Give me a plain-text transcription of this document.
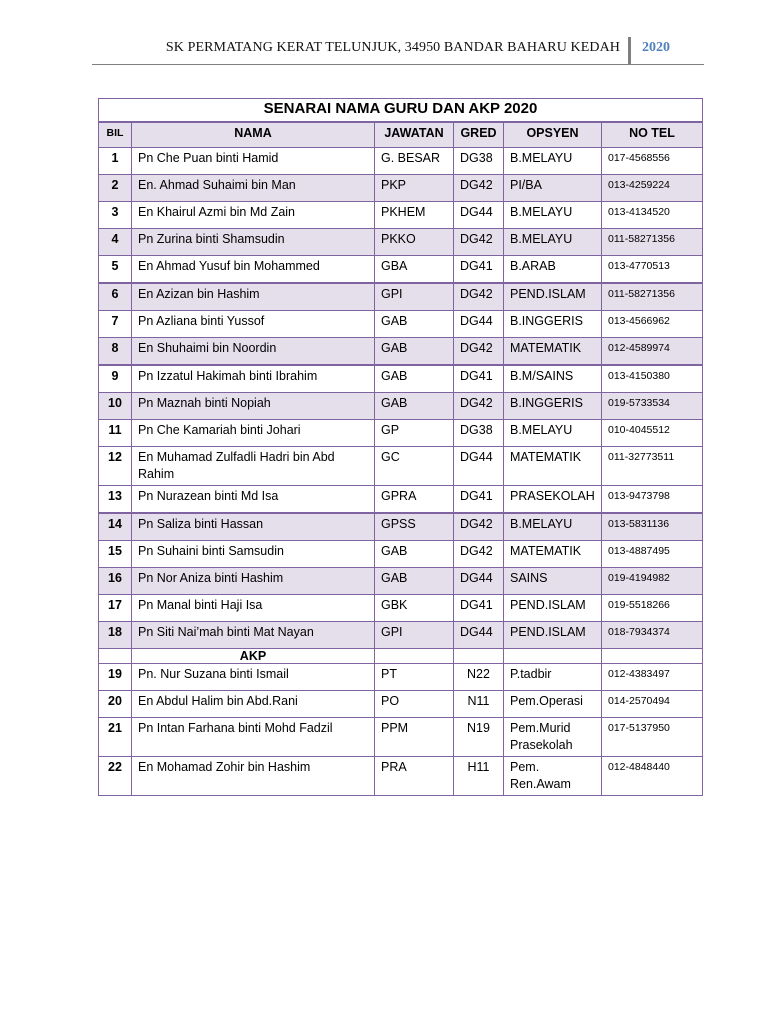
SK PERMATANG KERAT TELUNJUK, 34950 BANDAR BAHARU KEDAH 2020
SENARAI NAMA GURU DAN AKP 2020					
BIL	NAMA	JAWATAN	GRED	OPSYEN	NO TEL
1	Pn Che Puan binti Hamid	G. BESAR	DG38	B.MELAYU	017-4568556
2	En. Ahmad Suhaimi bin Man	PKP	DG42	PI/BA	013-4259224
3	En Khairul Azmi bin Md Zain	PKHEM	DG44	B.MELAYU	013-4134520
4	Pn Zurina binti Shamsudin	PKKO	DG42	B.MELAYU	011-58271356
5	En Ahmad Yusuf bin Mohammed	GBA	DG41	B.ARAB	013-4770513
6	En Azizan bin Hashim	GPI	DG42	PEND.ISLAM	011-58271356
7	Pn Azliana binti Yussof	GAB	DG44	B.INGGERIS	013-4566962
8	En Shuhaimi bin Noordin	GAB	DG42	MATEMATIK	012-4589974
9	Pn Izzatul Hakimah binti Ibrahim	GAB	DG41	B.M/SAINS	013-4150380
10	Pn Maznah binti Nopiah	GAB	DG42	B.INGGERIS	019-5733534
11	Pn Che Kamariah binti Johari	GP	DG38	B.MELAYU	010-4045512
12	En Muhamad Zulfadli Hadri bin Abd Rahim	GC	DG44	MATEMATIK	011-32773511
13	Pn Nurazean binti Md Isa	GPRA	DG41	PRASEKOLAH	013-9473798
14	Pn Saliza binti Hassan	GPSS	DG42	B.MELAYU	013-5831136
15	Pn Suhaini binti Samsudin	GAB	DG42	MATEMATIK	013-4887495
16	Pn Nor Aniza binti Hashim	GAB	DG44	SAINS	019-4194982
17	Pn Manal binti Haji Isa	GBK	DG41	PEND.ISLAM	019-5518266
18	Pn Siti Nai’mah binti Mat Nayan	GPI	DG44	PEND.ISLAM	018-7934374
	AKP				
19	Pn. Nur Suzana binti Ismail	PT	N22	P.tadbir	012-4383497
20	En Abdul Halim bin Abd.Rani	PO	N11	Pem.Operasi	014-2570494
21	Pn Intan Farhana binti Mohd Fadzil	PPM	N19	Pem.Murid Prasekolah	017-5137950
22	En Mohamad Zohir bin Hashim	PRA	H11	Pem. Ren.Awam	012-4848440
